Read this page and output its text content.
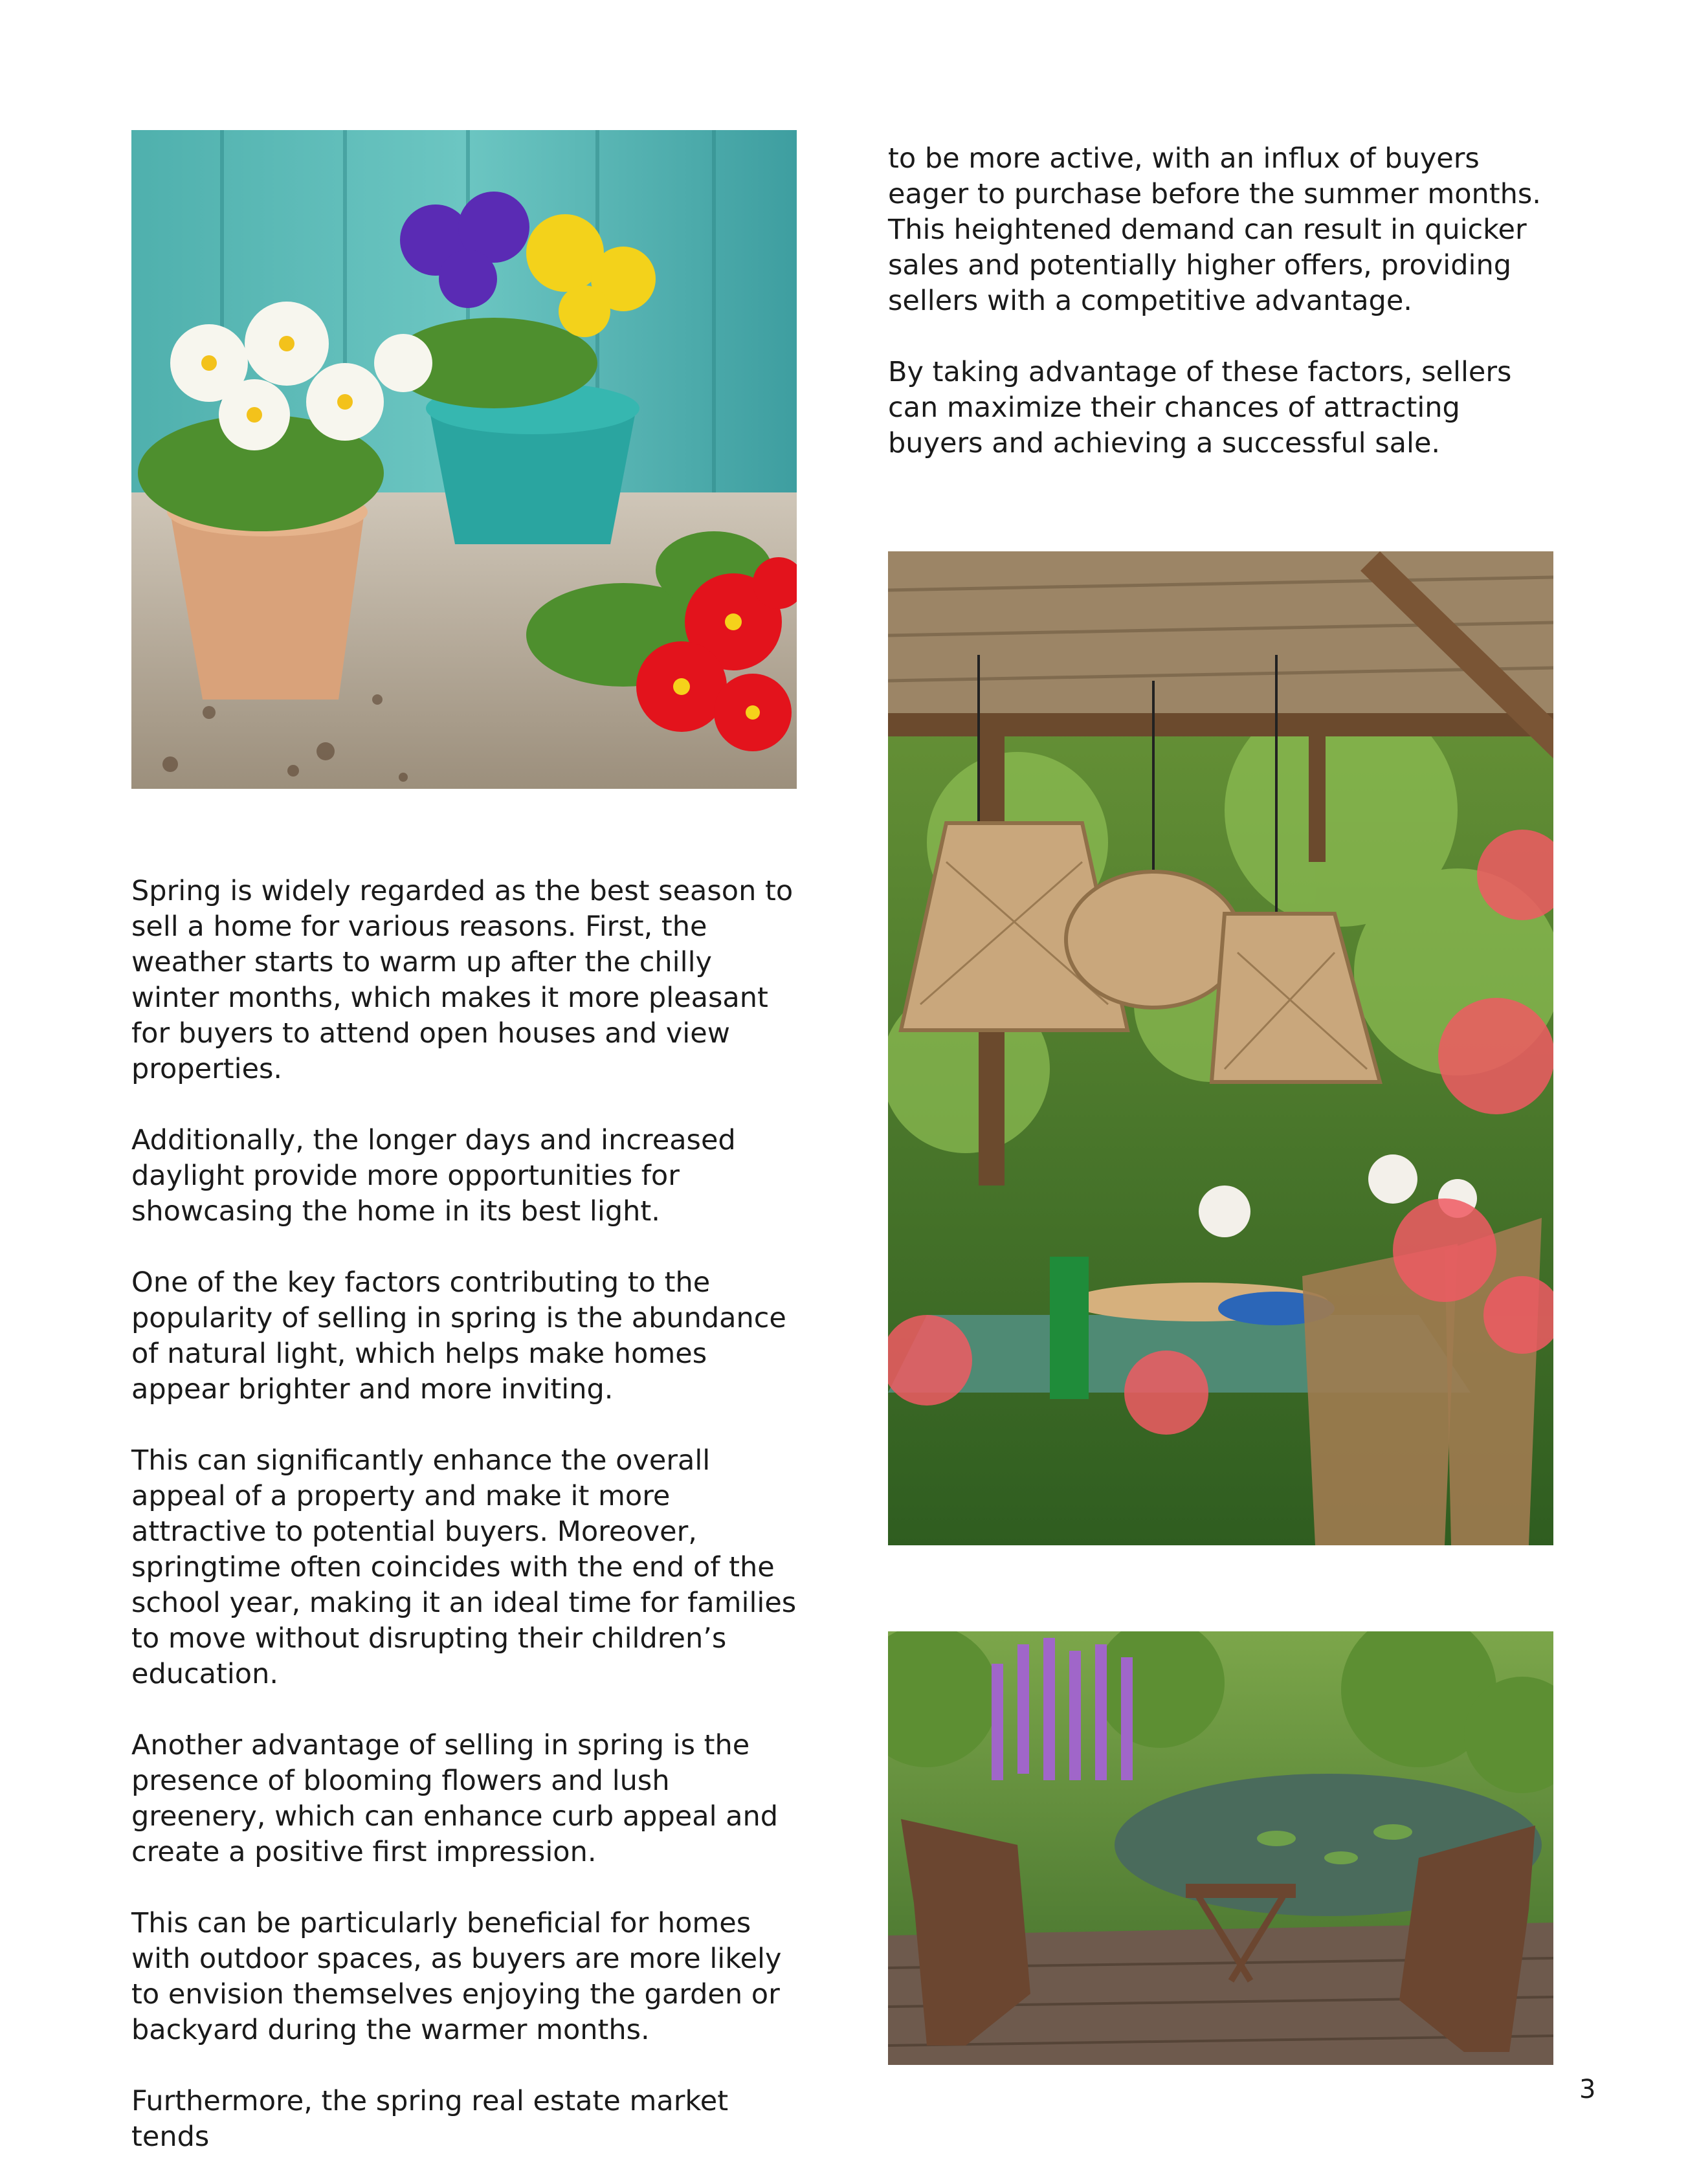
Spring is widely regarded as the best season to sell a home for various reasons. First, the weather starts to warm up after the chilly winter months, which makes it more pleasant for buyers to attend open houses and view properties.

Additionally, the longer days and increased daylight provide more opportunities for showcasing the home in its best light.

One of the key factors contributing to the popularity of selling in spring is the abundance of natural light, which helps make homes appear brighter and more inviting.

This can significantly enhance the overall appeal of a property and make it more attractive to potential buyers. Moreover, springtime often coincides with the end of the school year, making it an ideal time for families to move without disrupting their children’s education.

Another advantage of selling in spring is the presence of blooming flowers and lush greenery, which can enhance curb appeal and create a positive first impression.

This can be particularly beneficial for homes with outdoor spaces, as buyers are more likely to envision themselves enjoying the garden or backyard during the warmer months.

Furthermore, the spring real estate market tends

to be more active, with an influx of buyers eager to purchase before the summer months. This heightened demand can result in quicker sales and potentially higher offers, providing sellers with a competitive advantage.

By taking advantage of these factors, sellers can maximize their chances of attracting buyers and achieving a successful sale.

3
